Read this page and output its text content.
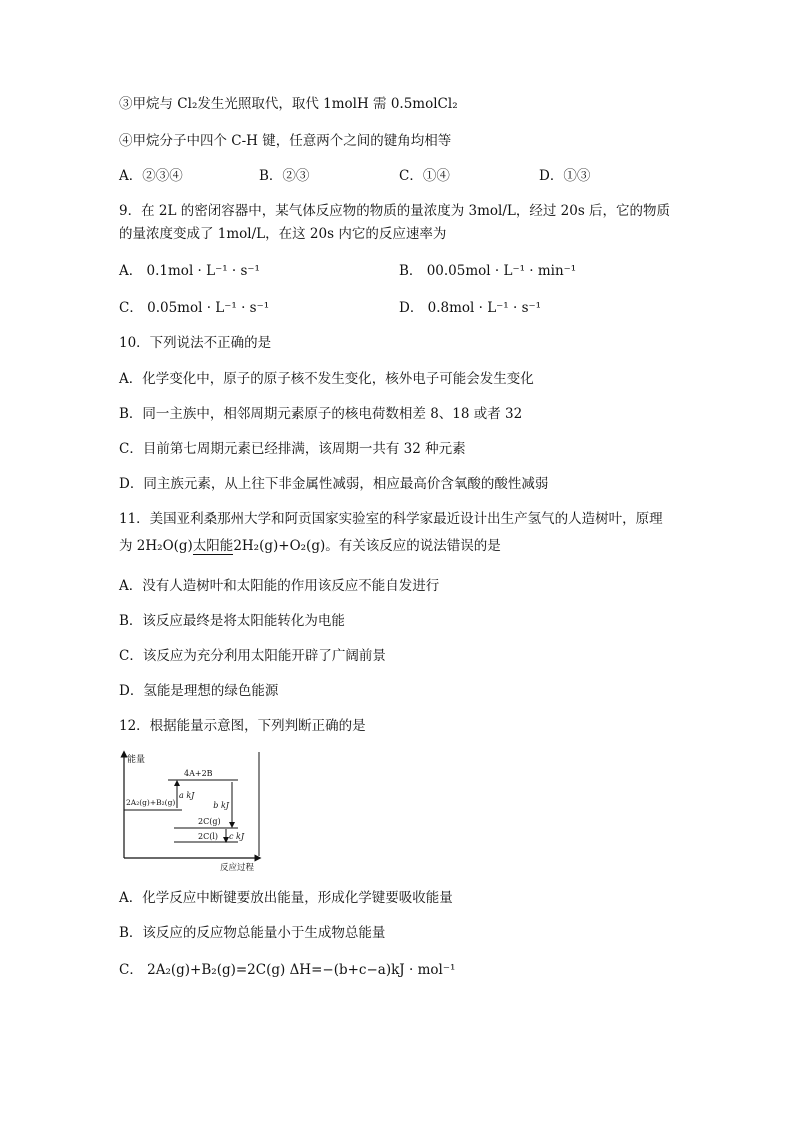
③甲烷与 Cl₂发生光照取代，取代 1molH 需 0.5molCl₂
④甲烷分子中四个 C-H 键，任意两个之间的键角均相等
A．②③④	B．②③	C．①④	D．①③
9．在 2L 的密闭容器中，某气体反应物的物质的量浓度为 3mol/L，经过 20s 后，它的物质
的量浓度变成了 1mol/L，在这 20s 内它的反应速率为
A． 0.1mol · L⁻¹ · s⁻¹	B． 00.05mol · L⁻¹ · min⁻¹
C． 0.05mol · L⁻¹ · s⁻¹	D． 0.8mol · L⁻¹ · s⁻¹
10．下列说法不正确的是
A．化学变化中，原子的原子核不发生变化，核外电子可能会发生变化
B．同一主族中，相邻周期元素原子的核电荷数相差 8、18 或者 32
C．目前第七周期元素已经排满，该周期一共有 32 种元素
D．同主族元素，从上往下非金属性减弱，相应最高价含氧酸的酸性减弱
11．美国亚利桑那州大学和阿贡国家实验室的科学家最近设计出生产氢气的人造树叶，原理
为 2H₂O(g)太阳能2H₂(g)+O₂(g)。有关该反应的说法错误的是
A．没有人造树叶和太阳能的作用该反应不能自发进行
B．该反应最终是将太阳能转化为电能
C．该反应为充分利用太阳能开辟了广阔前景
D．氢能是理想的绿色能源
12．根据能量示意图，下列判断正确的是
能量
反应过程
4A+2B
2A₂(g)+B₂(g)
2C(g)
2C(l)
a kJ
b kJ
c kJ
A．化学反应中断键要放出能量，形成化学键要吸收能量
B．该反应的反应物总能量小于生成物总能量
C． 2A₂(g)+B₂(g)=2C(g) ΔH=−(b+c−a)kJ · mol⁻¹
